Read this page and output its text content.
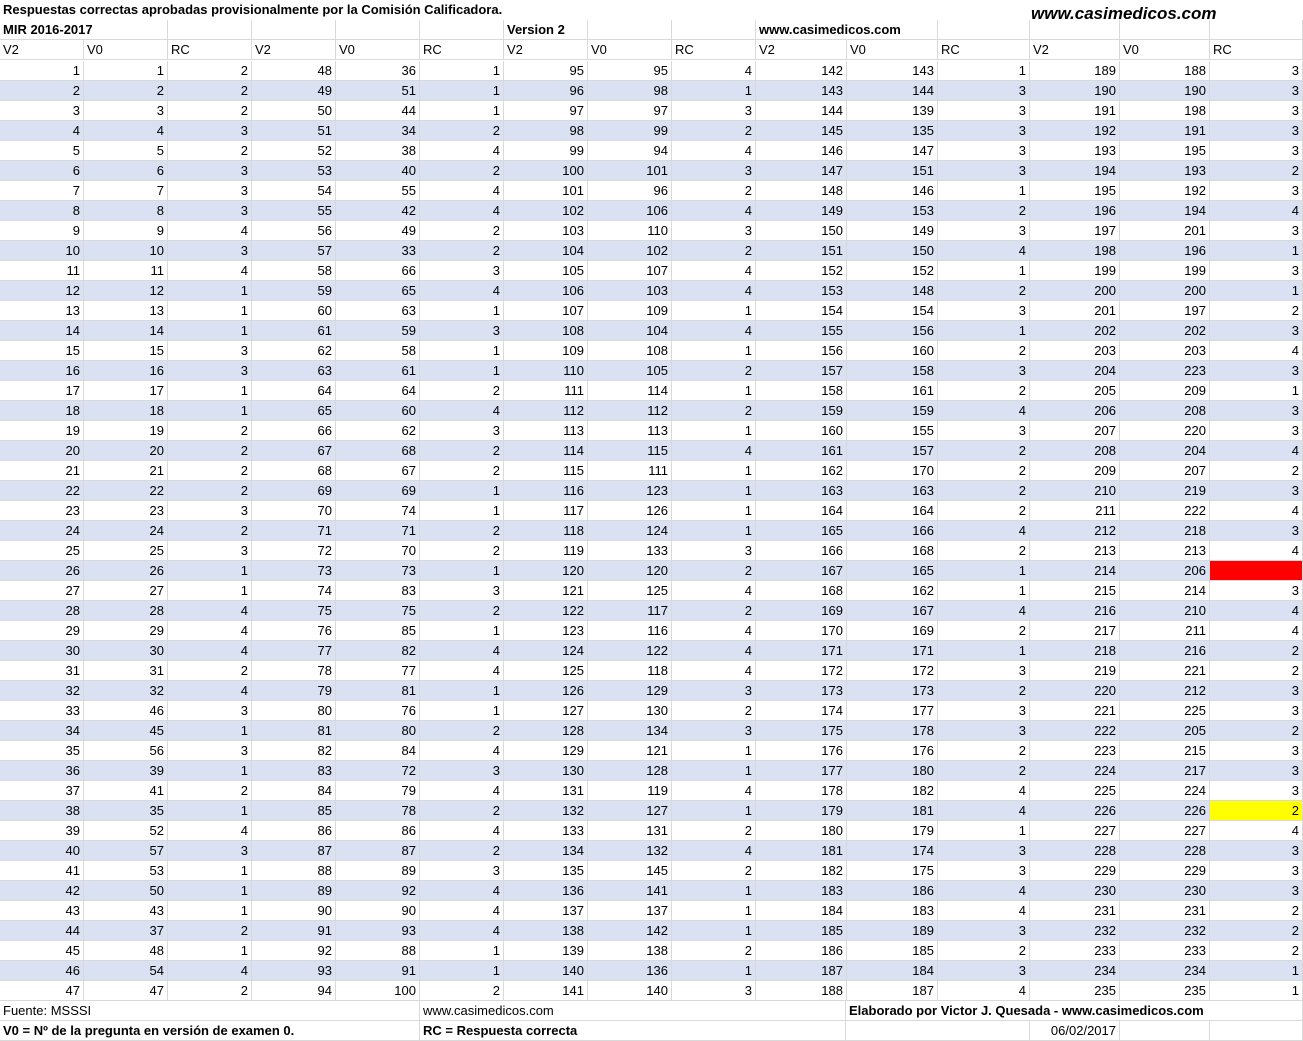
Respuestas correctas aprobadas provisionalmente por la Comisión Calificadora.	www.casimedicos.com
MIR 2016-2017	Version 2	www.casimedicos.com
V2	V0	RC	V2	V0	RC	V2	V0	RC	V2	V0	RC	V2	V0	RC
1	1	2	48	36	1	95	95	4	142	143	1	189	188	3
2	2	2	49	51	1	96	98	1	143	144	3	190	190	3
3	3	2	50	44	1	97	97	3	144	139	3	191	198	3
4	4	3	51	34	2	98	99	2	145	135	3	192	191	3
5	5	2	52	38	4	99	94	4	146	147	3	193	195	3
6	6	3	53	40	2	100	101	3	147	151	3	194	193	2
7	7	3	54	55	4	101	96	2	148	146	1	195	192	3
8	8	3	55	42	4	102	106	4	149	153	2	196	194	4
9	9	4	56	49	2	103	110	3	150	149	3	197	201	3
10	10	3	57	33	2	104	102	2	151	150	4	198	196	1
11	11	4	58	66	3	105	107	4	152	152	1	199	199	3
12	12	1	59	65	4	106	103	4	153	148	2	200	200	1
13	13	1	60	63	1	107	109	1	154	154	3	201	197	2
14	14	1	61	59	3	108	104	4	155	156	1	202	202	3
15	15	3	62	58	1	109	108	1	156	160	2	203	203	4
16	16	3	63	61	1	110	105	2	157	158	3	204	223	3
17	17	1	64	64	2	111	114	1	158	161	2	205	209	1
18	18	1	65	60	4	112	112	2	159	159	4	206	208	3
19	19	2	66	62	3	113	113	1	160	155	3	207	220	3
20	20	2	67	68	2	114	115	4	161	157	2	208	204	4
21	21	2	68	67	2	115	111	1	162	170	2	209	207	2
22	22	2	69	69	1	116	123	1	163	163	2	210	219	3
23	23	3	70	74	1	117	126	1	164	164	2	211	222	4
24	24	2	71	71	2	118	124	1	165	166	4	212	218	3
25	25	3	72	70	2	119	133	3	166	168	2	213	213	4
26	26	1	73	73	1	120	120	2	167	165	1	214	206
27	27	1	74	83	3	121	125	4	168	162	1	215	214	3
28	28	4	75	75	2	122	117	2	169	167	4	216	210	4
29	29	4	76	85	1	123	116	4	170	169	2	217	211	4
30	30	4	77	82	4	124	122	4	171	171	1	218	216	2
31	31	2	78	77	4	125	118	4	172	172	3	219	221	2
32	32	4	79	81	1	126	129	3	173	173	2	220	212	3
33	46	3	80	76	1	127	130	2	174	177	3	221	225	3
34	45	1	81	80	2	128	134	3	175	178	3	222	205	2
35	56	3	82	84	4	129	121	1	176	176	2	223	215	3
36	39	1	83	72	3	130	128	1	177	180	2	224	217	3
37	41	2	84	79	4	131	119	4	178	182	4	225	224	3
38	35	1	85	78	2	132	127	1	179	181	4	226	226	2
39	52	4	86	86	4	133	131	2	180	179	1	227	227	4
40	57	3	87	87	2	134	132	4	181	174	3	228	228	3
41	53	1	88	89	3	135	145	2	182	175	3	229	229	3
42	50	1	89	92	4	136	141	1	183	186	4	230	230	3
43	43	1	90	90	4	137	137	1	184	183	4	231	231	2
44	37	2	91	93	4	138	142	1	185	189	3	232	232	2
45	48	1	92	88	1	139	138	2	186	185	2	233	233	2
46	54	4	93	91	1	140	136	1	187	184	3	234	234	1
47	47	2	94	100	2	141	140	3	188	187	4	235	235	1
Fuente: MSSSI	www.casimedicos.com	Elaborado por Victor J. Quesada - www.casimedicos.com
V0 = Nº de la pregunta en versión de examen 0.	RC = Respuesta correcta	06/02/2017
